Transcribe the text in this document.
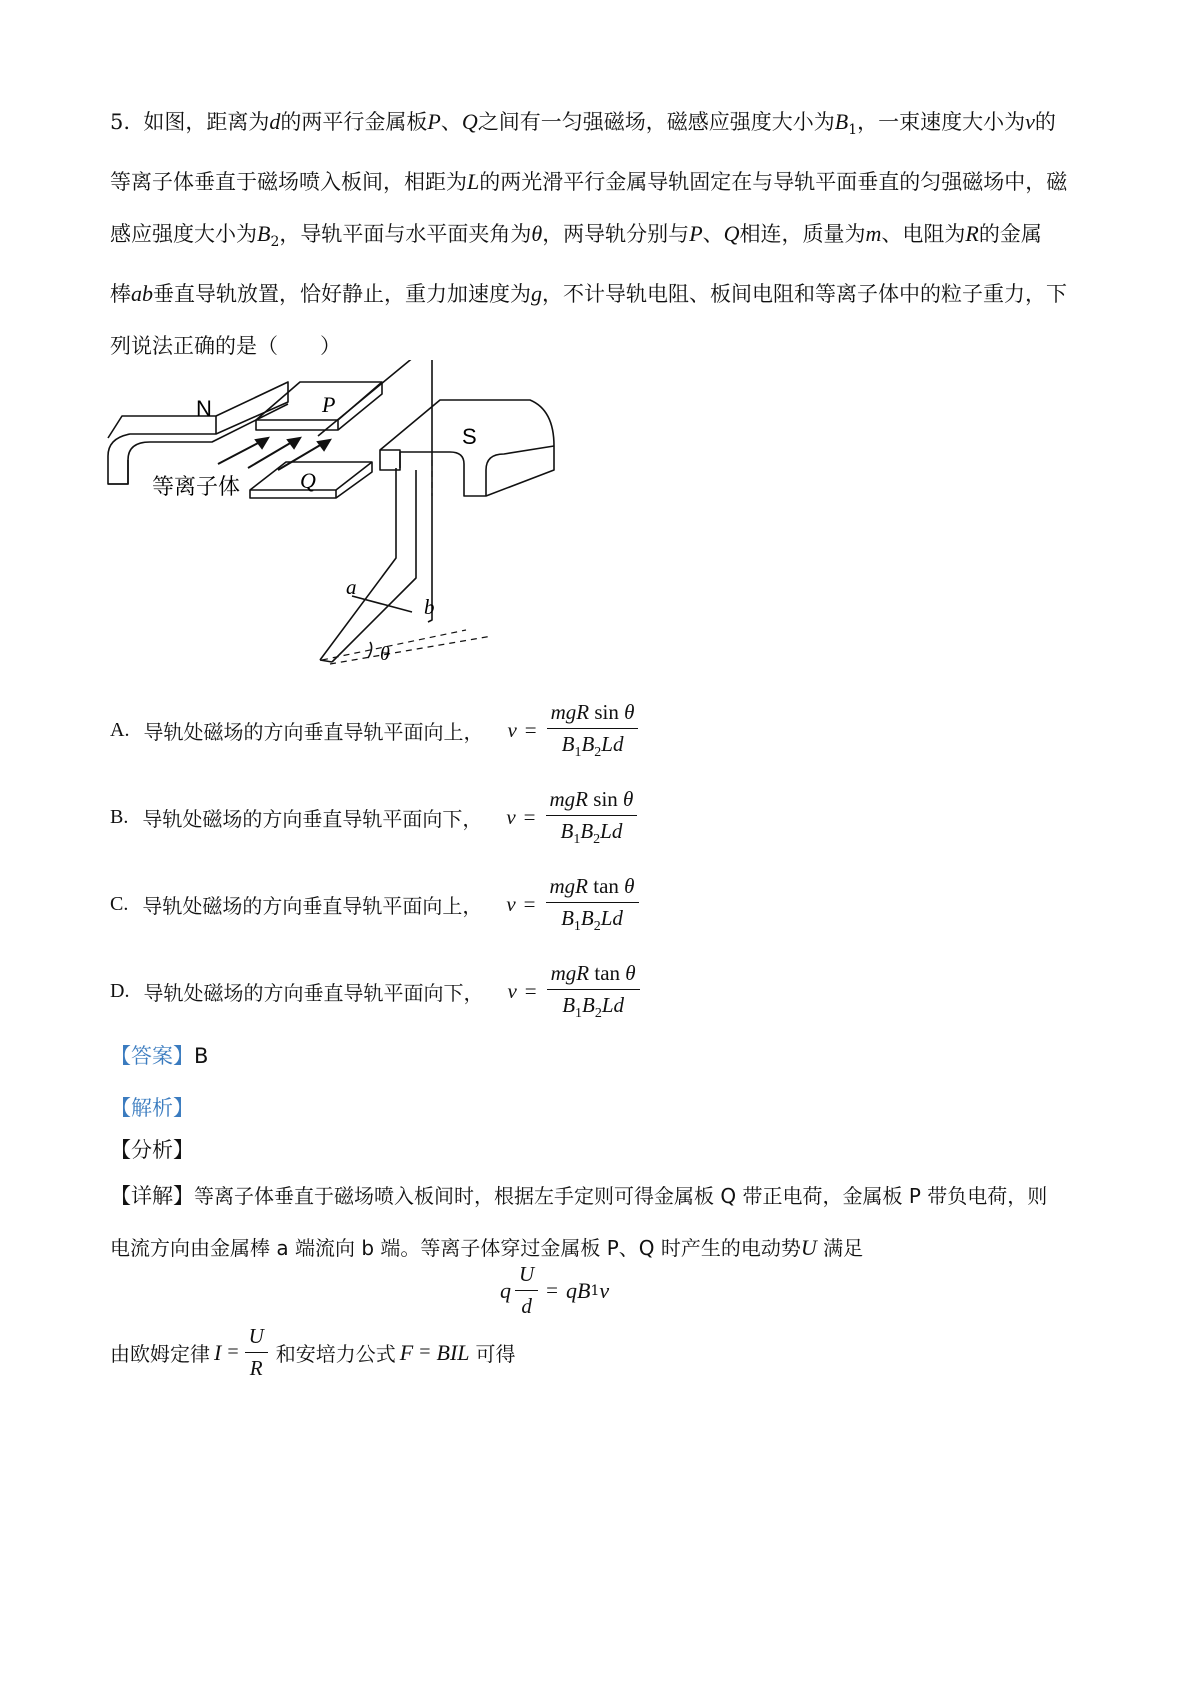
5. 如图，距离为d的两平行金属板P、Q之间有一匀强磁场，磁感应强度大小为$B_1$，一束速度大小为v的

等离子体垂直于磁场喷入板间，相距为L的两光滑平行金属导轨固定在与导轨平面垂直的匀强磁场中，磁

感应强度大小为$B_2$，导轨平面与水平面夹角为θ，两导轨分别与P、Q相连，质量为m、电阻为R的金属

棒ab垂直导轨放置，恰好静止，重力加速度为g，不计导轨电阻、板间电阻和等离子体中的粒子重力，下

列说法正确的是（　　）

N	P
Q
S
等离子体
a
b
θ
A. 导轨处磁场的方向垂直导轨平面向上， $v = \frac{\text{mgR sin θ}}{B_1B_2Ld}$
B. 导轨处磁场的方向垂直导轨平面向下， $v = \frac{\text{mgR sin θ}}{B_1B_2Ld}$
C. 导轨处磁场的方向垂直导轨平面向上， $v = \frac{\text{mgR tan θ}}{B_1B_2Ld}$
D. 导轨处磁场的方向垂直导轨平面向下， $v = \frac{\text{mgR tan θ}}{B_1B_2Ld}$
【答案】B
【解析】
【分析】
【详解】等离子体垂直于磁场喷入板间时，根据左手定则可得金属板 Q 带正电荷，金属板 P 带负电荷，则
电流方向由金属棒 a 端流向 b 端。等离子体穿过金属板 P、Q 时产生的电动势U 满足
q $\frac{U}{d} = q$ B 1 v
由欧姆定律 $I = \frac{U}{R}$ 和安培力公式 F = BIL 可得
